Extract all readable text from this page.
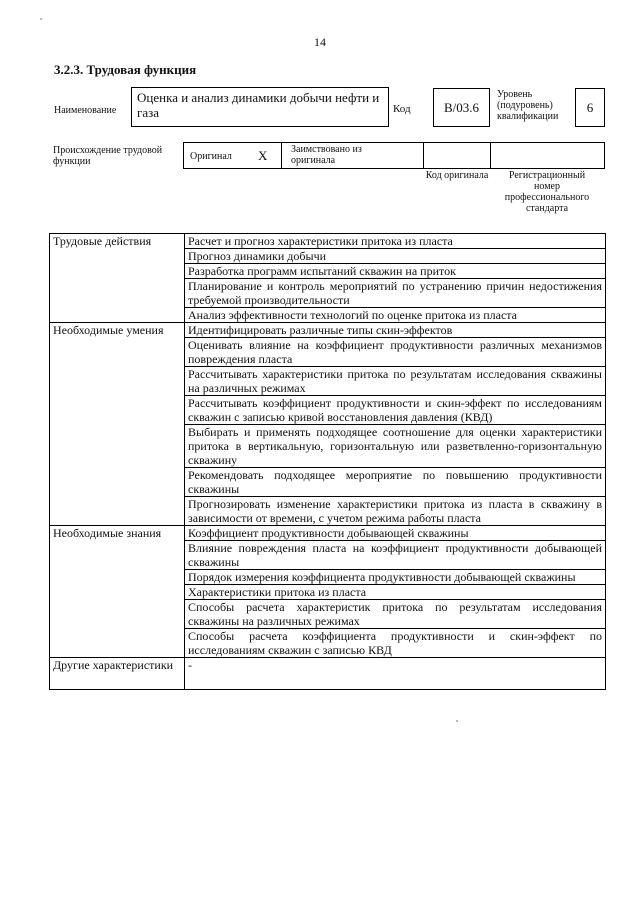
14
3.2.3. Трудовая функция
Наименование
Оценка и анализ динамики добычи нефти и газа	Код	B/03.6
Уровень (подуровень) квалификации
6
Происхождение трудовой функции	Оригинал X Заимствовано из оригинала
Код оригинала	Регистрационный номер профессионального стандарта
Трудовые действия	Расчет и прогноз характеристики притока из пласта
	Прогноз динамики добычи
	Разработка программ испытаний скважин на приток
	Планирование и контроль мероприятий по устранению причин недостижения требуемой производительности
	Анализ эффективности технологий по оценке притока из пласта
Необходимые умения	Идентифицировать различные типы скин-эффектов
	Оценивать влияние на коэффициент продуктивности различных механизмов повреждения пласта
	Рассчитывать характеристики притока по результатам исследования скважины на различных режимах
	Рассчитывать коэффициент продуктивности и скин-эффект по исследованиям скважин с записью кривой восстановления давления (КВД)
	Выбирать и применять подходящее соотношение для оценки характеристики притока в вертикальную, горизонтальную или разветвленно-горизонтальную скважину
	Рекомендовать подходящее мероприятие по повышению продуктивности скважины
	Прогнозировать изменение характеристики притока из пласта в скважину в зависимости от времени, с учетом режима работы пласта
Необходимые знания	Коэффициент продуктивности добывающей скважины
	Влияние повреждения пласта на коэффициент продуктивности добывающей скважины
	Порядок измерения коэффициента продуктивности добывающей скважины
	Характеристики притока из пласта
	Способы расчета характеристик притока по результатам исследования скважины на различных режимах
	Способы расчета коэффициента продуктивности и скин-эффект по исследованиям скважин с записью КВД
Другие характеристики	-
